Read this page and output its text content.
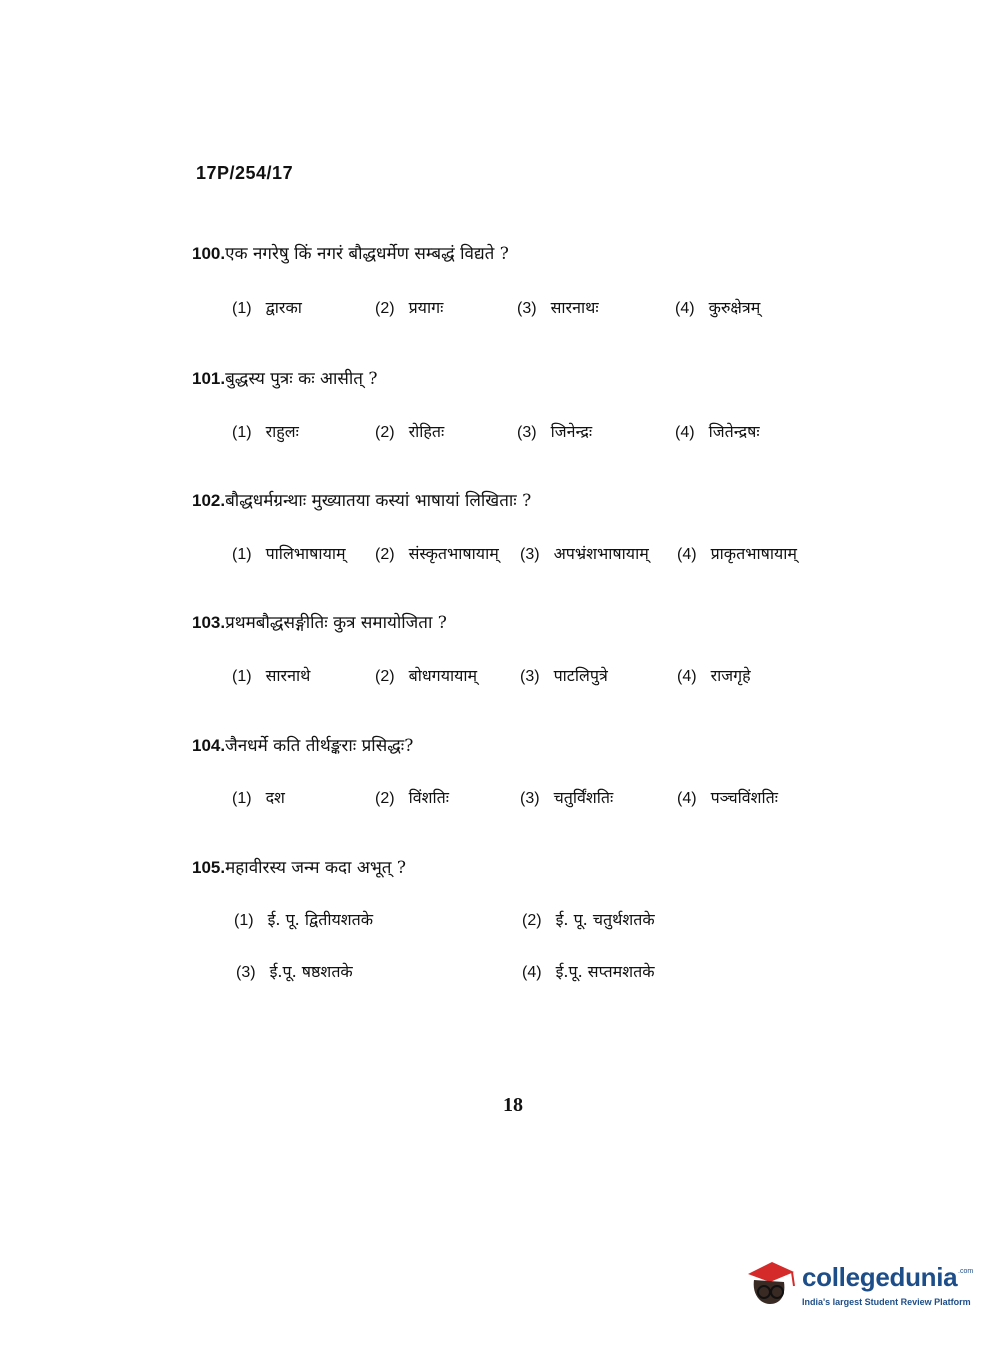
17P/254/17
100.एक नगरेषु किं नगरं बौद्धधर्मेण सम्बद्धं विद्यते ?
(1) द्वारका	(2) प्रयागः	(3) सारनाथः	(4) कुरुक्षेत्रम्
101.बुद्धस्य पुत्रः कः आसीत् ?
(1) राहुलः	(2) रोहितः	(3) जिनेन्द्रः	(4) जितेन्द्रषः
102.बौद्धधर्मग्रन्थाः मुख्यातया कस्यां भाषायां लिखिताः ?
(1) पालिभाषायाम् (2) संस्कृतभाषायाम् (3) अपभ्रंशभाषायाम् (4) प्राकृतभाषायाम्
103.प्रथमबौद्धसङ्गीतिः कुत्र समायोजिता ?
(1) सारनाथे	(2) बोधगयायाम्	(3) पाटलिपुत्रे	(4) राजगृहे
104.जैनधर्मे कति तीर्थङ्कराः प्रसिद्धः?
(1) दश	(2) विंशतिः	(3) चतुर्विंशतिः	(4) पञ्चविंशतिः
105.महावीरस्य जन्म कदा अभूत् ?
(1) ई. पू. द्वितीयशतके	(2) ई. पू. चतुर्थशतके
(3) ई.पू. षष्ठशतके	(4) ई.पू. सप्तमशतके
18
collegedunia .com
India's largest Student Review Platform
